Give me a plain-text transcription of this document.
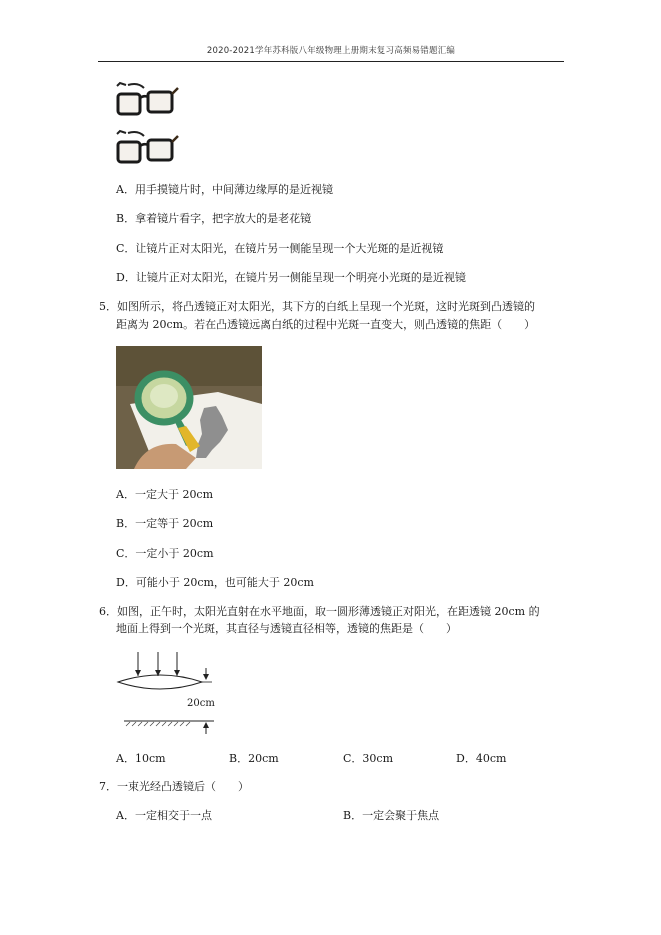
2020-2021学年苏科版八年级物理上册期末复习高频易错题汇编
A．用手摸镜片时，中间薄边缘厚的是近视镜
B．拿着镜片看字，把字放大的是老花镜
C．让镜片正对太阳光，在镜片另一侧能呈现一个大光斑的是近视镜
D．让镜片正对太阳光，在镜片另一侧能呈现一个明亮小光斑的是近视镜
5．如图所示，将凸透镜正对太阳光，其下方的白纸上呈现一个光斑，这时光斑到凸透镜的
距离为 20cm。若在凸透镜远离白纸的过程中光斑一直变大，则凸透镜的焦距（　　）
A．一定大于 20cm
B．一定等于 20cm
C．一定小于 20cm
D．可能小于 20cm，也可能大于 20cm
6．如图，正午时，太阳光直射在水平地面，取一圆形薄透镜正对阳光，在距透镜 20cm 的
地面上得到一个光斑，其直径与透镜直径相等，透镜的焦距是（　　）
20cm
A．10cm	B．20cm	C．30cm	D．40cm
7．一束光经凸透镜后（　　）
A．一定相交于一点	B．一定会聚于焦点
